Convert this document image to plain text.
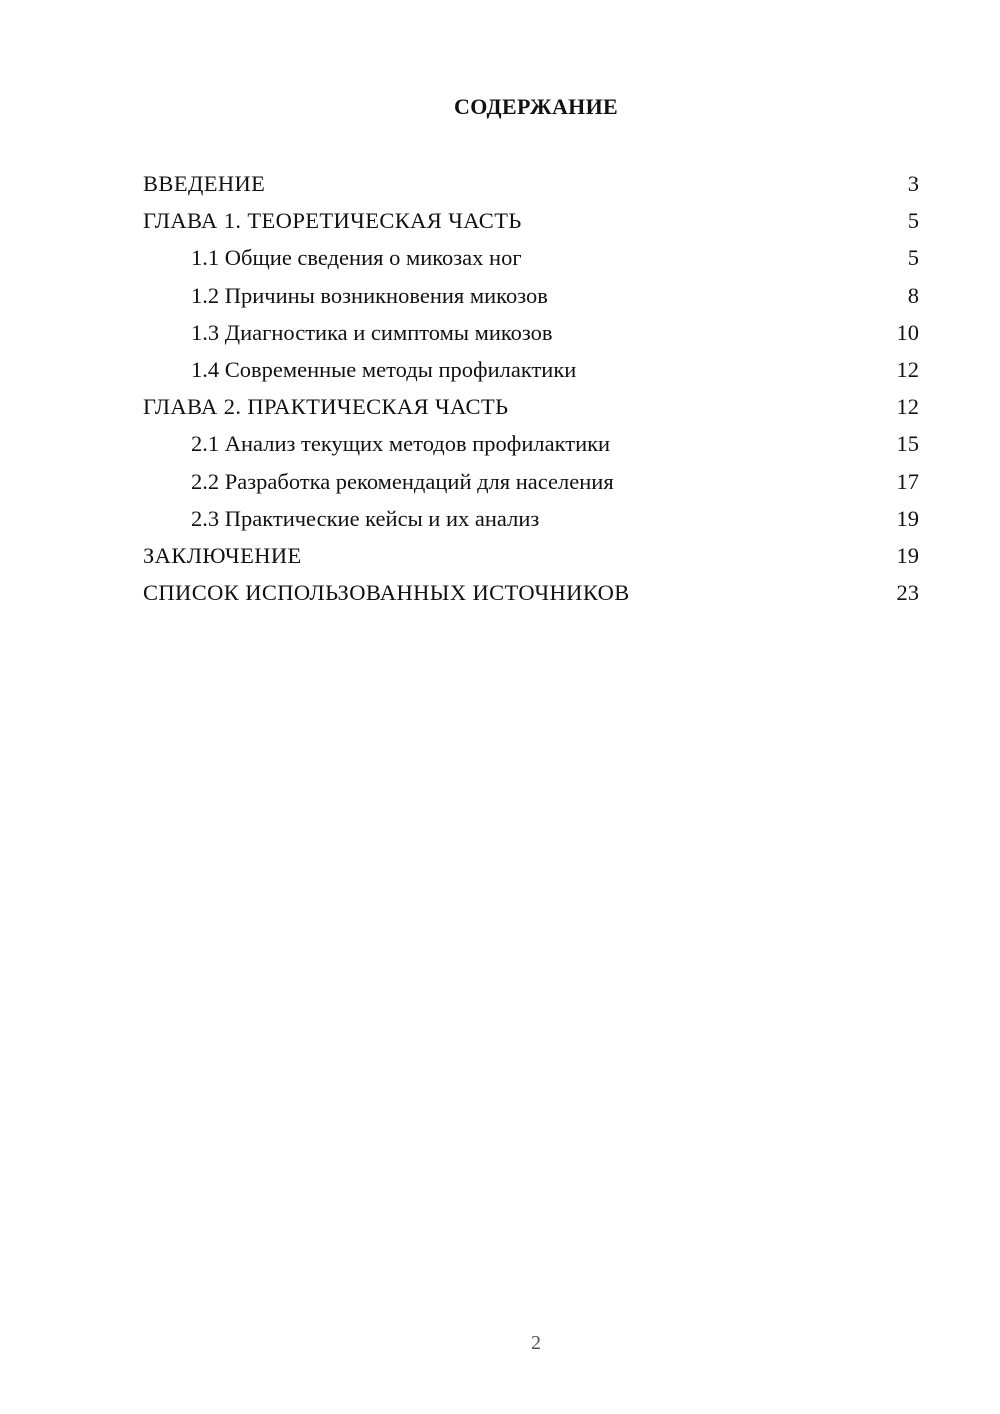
СОДЕРЖАНИЕ
ВВЕДЕНИЕ	3
ГЛАВА 1. ТЕОРЕТИЧЕСКАЯ ЧАСТЬ	5
1.1 Общие сведения о микозах ног	5
1.2 Причины возникновения микозов	8
1.3 Диагностика и симптомы микозов	10
1.4 Современные методы профилактики	12
ГЛАВА 2. ПРАКТИЧЕСКАЯ ЧАСТЬ	12
2.1 Анализ текущих методов профилактики	15
2.2 Разработка рекомендаций для населения	17
2.3 Практические кейсы и их анализ	19
ЗАКЛЮЧЕНИЕ	19
СПИСОК ИСПОЛЬЗОВАННЫХ ИСТОЧНИКОВ	23
2
